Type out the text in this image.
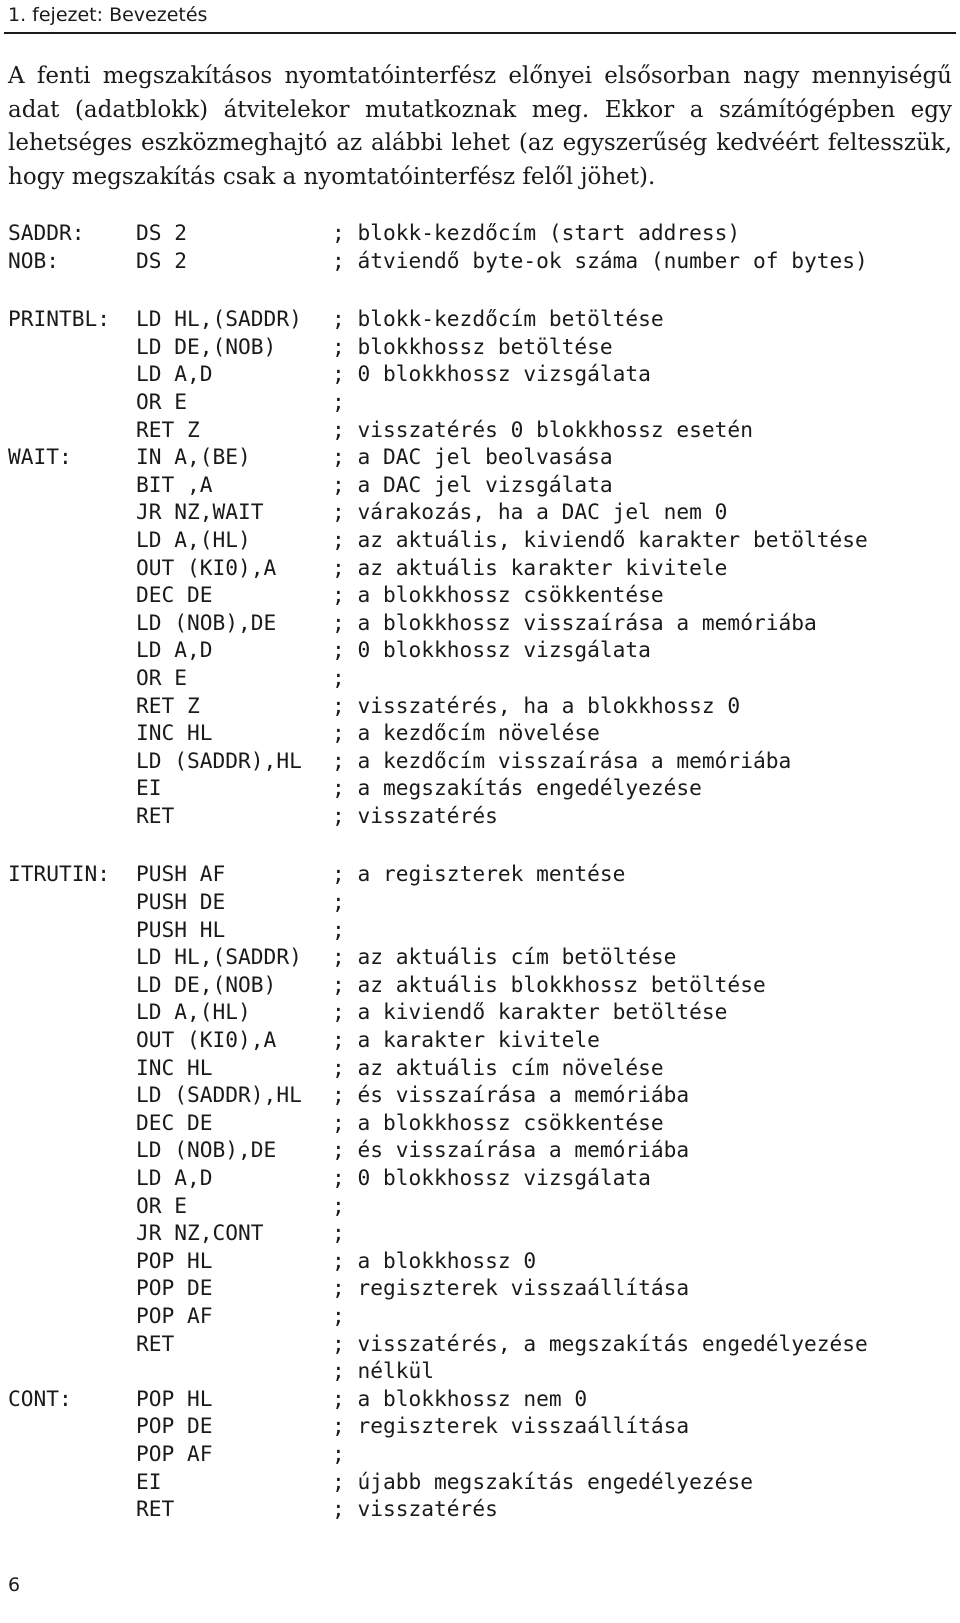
1. fejezet: Bevezetés

A fenti megszakításos nyomtatóinterfész előnyei elsősorban nagy mennyiségű adat (adatblokk) átvitelekor mutatkoznak meg. Ekkor a számítógépben egy lehetséges eszközmeghajtó az alábbi lehet (az egyszerűség kedvéért feltesszük, hogy megszakítás csak a nyomtatóinterfész felől jöhet).

SADDR: DS 2	; blokk-kezdőcím (start address)
NOB:	DS 2	; átviendő byte-ok száma (number of bytes)
PRINTBL: LD HL,(SADDR) ; blokk-kezdőcím betöltése
LD DE,(NOB)	; blokkhossz betöltése
LD A,D	; 0 blokkhossz vizsgálata
OR E	;
RET Z	; visszatérés 0 blokkhossz esetén
WAIT:	IN A,(BE)	; a DAC jel beolvasása
BIT ,A	; a DAC jel vizsgálata
JR NZ,WAIT	; várakozás, ha a DAC jel nem 0
LD A,(HL)	; az aktuális, kiviendő karakter betöltése
OUT (KI0),A	; az aktuális karakter kivitele
DEC DE	; a blokkhossz csökkentése
LD (NOB),DE	; a blokkhossz visszaírása a memóriába
LD A,D	; 0 blokkhossz vizsgálata
OR E	;
RET Z	; visszatérés, ha a blokkhossz 0
INC HL	; a kezdőcím növelése
LD (SADDR),HL ; a kezdőcím visszaírása a memóriába
EI	; a megszakítás engedélyezése
RET	; visszatérés
ITRUTIN: PUSH AF	; a regiszterek mentése
PUSH DE	;
PUSH HL	;
LD HL,(SADDR) ; az aktuális cím betöltése
LD DE,(NOB)	; az aktuális blokkhossz betöltése
LD A,(HL)	; a kiviendő karakter betöltése
OUT (KI0),A	; a karakter kivitele
INC HL	; az aktuális cím növelése
LD (SADDR),HL ; és visszaírása a memóriába
DEC DE	; a blokkhossz csökkentése
LD (NOB),DE	; és visszaírása a memóriába
LD A,D	; 0 blokkhossz vizsgálata
OR E	;
JR NZ,CONT	;
POP HL	; a blokkhossz 0
POP DE	; regiszterek visszaállítása
POP AF	;
RET	; visszatérés, a megszakítás engedélyezése
; nélkül
CONT:	POP HL	; a blokkhossz nem 0
POP DE	; regiszterek visszaállítása
POP AF	;
EI	; újabb megszakítás engedélyezése
RET	; visszatérés
6
